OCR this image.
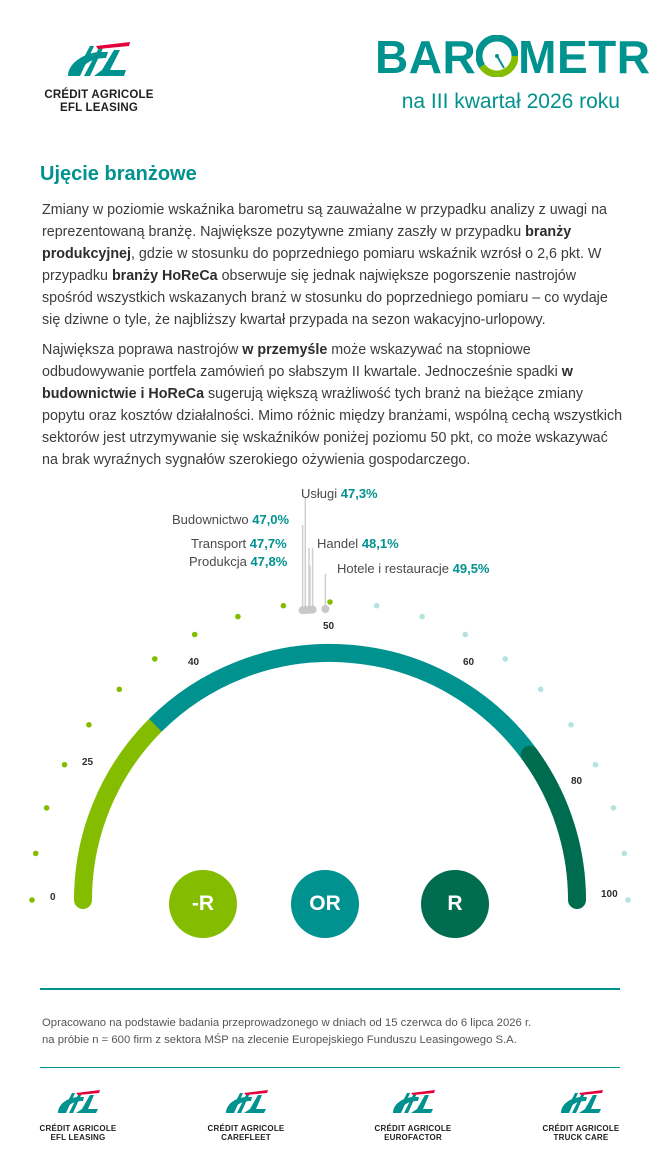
CRÉDIT AGRICOLE
EFL LEASING
BAR METR
na III kwartał 2026 roku
Ujęcie branżowe

Zmiany w poziomie wskaźnika barometru są zauważalne w przypadku analizy z uwagi na reprezentowaną branżę. Największe pozytywne zmiany zaszły w przypadku branży produkcyjnej, gdzie w stosunku do poprzedniego pomiaru wskaźnik wzrósł o 2,6 pkt. W przypadku branży HoReCa obserwuje się jednak największe pogorszenie nastrojów spośród wszystkich wskazanych branż w stosunku do poprzedniego pomiaru – co wydaje się dziwne o tyle, że najbliższy kwartał przypada na sezon wakacyjno-urlopowy.

Największa poprawa nastrojów w przemyśle może wskazywać na stopniowe odbudowywanie portfela zamówień po słabszym II kwartale. Jednocześnie spadki w budownictwie i HoReCa sugerują większą wrażliwość tych branż na bieżące zmiany popytu oraz kosztów działalności. Mimo różnic między branżami, wspólną cechą wszystkich sektorów jest utrzymywanie się wskaźników poniżej poziomu 50 pkt, co może wskazywać na brak wyraźnych sygnałów szerokiego ożywienia gospodarczego.

Usługi 47,3%
Budownictwo 47,0%
Transport 47,7% Handel 48,1%
Produkcja 47,8%	Hotele i restauracje 49,5%
0
25
40
50
60
80
100
-R	OR	R
Opracowano na podstawie badania przeprowadzonego w dniach od 15 czerwca do 6 lipca 2026 r.
na próbie n = 600 firm z sektora MŚP na zlecenie Europejskiego Funduszu Leasingowego S.A.
CRÉDIT AGRICOLE
EFL LEASING
CRÉDIT AGRICOLE
CAREFLEET
CRÉDIT AGRICOLE
EUROFACTOR
CRÉDIT AGRICOLE
TRUCK CARE
